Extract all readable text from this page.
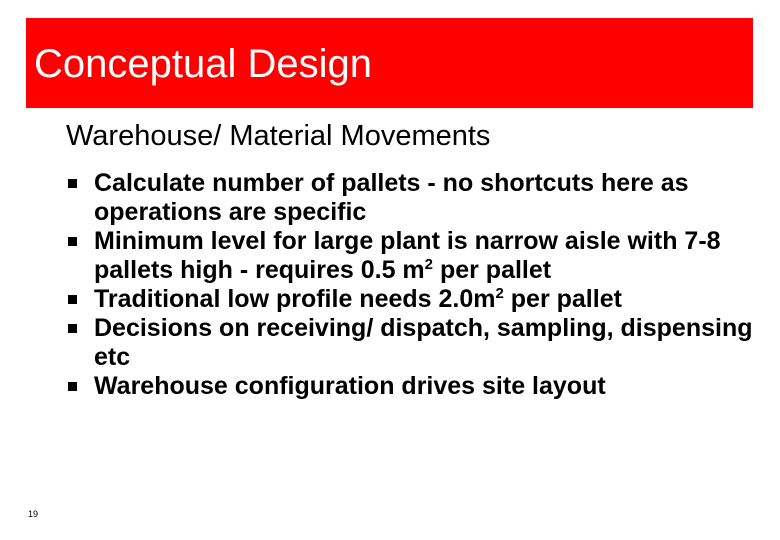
Conceptual Design
Warehouse/ Material Movements
Calculate number of pallets - no shortcuts here as operations are specific
Minimum level for large plant is narrow aisle with 7-8 pallets high - requires 0.5 $m^2$ per pallet
Traditional low profile needs $2.0m^2$ per pallet
Decisions on receiving/ dispatch, sampling, dispensing etc
Warehouse configuration drives site layout
19
